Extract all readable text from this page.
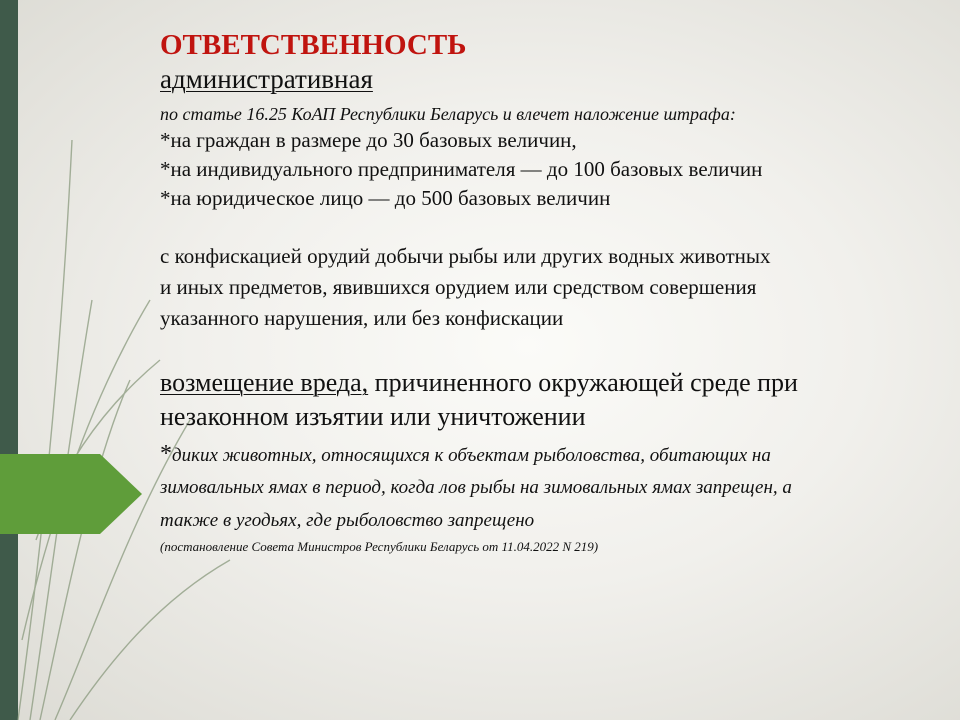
ОТВЕТСТВЕННОСТЬ
административная
по статье 16.25 КоАП Республики Беларусь и влечет наложение штрафа:
*на граждан в размере до 30 базовых величин,
*на индивидуального предпринимателя — до 100 базовых величин
*на юридическое лицо — до 500 базовых величин
с конфискацией орудий добычи рыбы или других водных животных
и иных предметов, явившихся орудием или средством совершения
указанного нарушения, или без конфискации
возмещение вреда, причиненного окружающей среде при
незаконном изъятии или уничтожении
*диких животных, относящихся к объектам рыболовства, обитающих на
зимовальных ямах в период, когда лов рыбы на зимовальных ямах запрещен, а
также в угодьях, где рыболовство запрещено
(постановление Совета Министров Республики Беларусь от 11.04.2022 N 219)
